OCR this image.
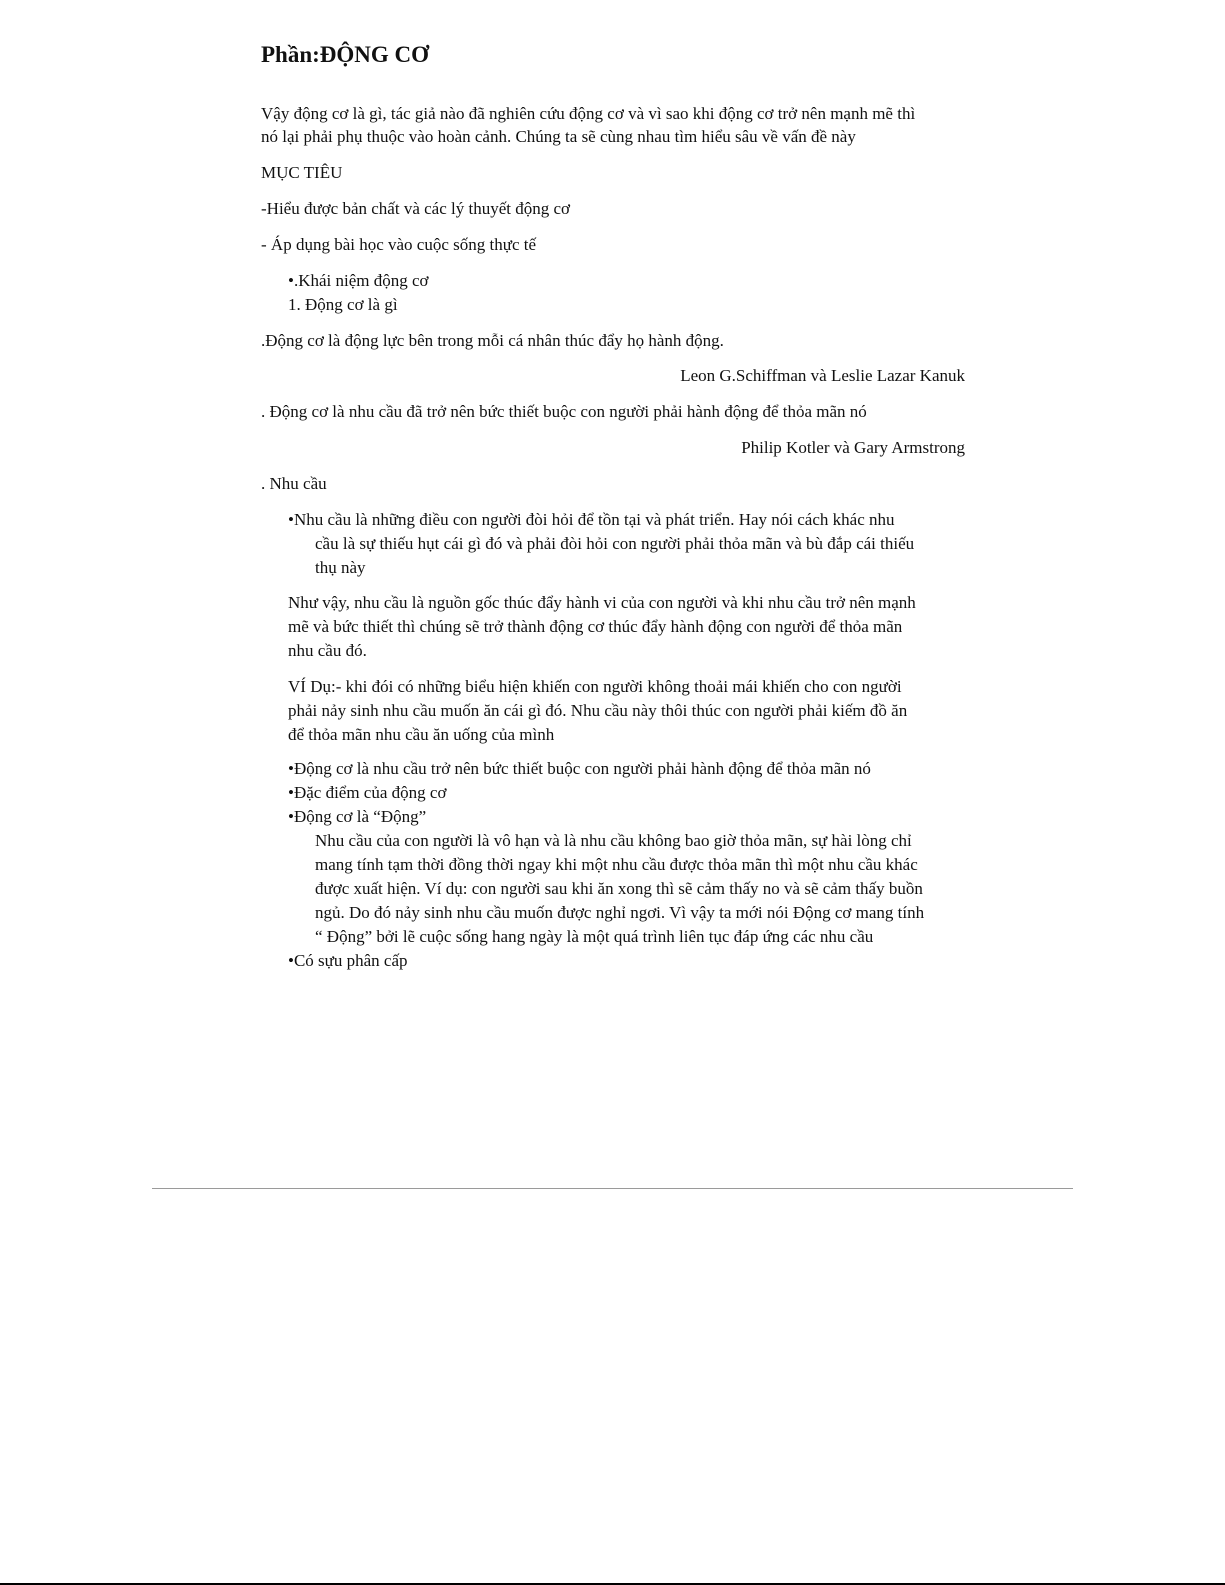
Phần:ĐỘNG CƠ

Vậy động cơ là gì, tác giả nào đã nghiên cứu động cơ và vì sao khi động cơ trở nên mạnh mẽ thì

nó lại phải phụ thuộc vào hoàn cảnh. Chúng ta sẽ cùng nhau tìm hiểu sâu về vấn đề này

MỤC TIÊU

-Hiểu được bản chất và các lý thuyết động cơ

- Áp dụng bài học vào cuộc sống thực tế

•.Khái niệm động cơ

1. Động cơ là gì

.Động cơ là động lực bên trong mỗi cá nhân thúc đẩy họ hành động.

Leon G.Schiffman và Leslie Lazar Kanuk

. Động cơ là nhu cầu đã trở nên bức thiết buộc con người phải hành động để thỏa mãn nó

Philip Kotler và Gary Armstrong

. Nhu cầu

•Nhu cầu là những điều con người đòi hỏi để tồn tại và phát triển. Hay nói cách khác nhu

cầu là sự thiếu hụt cái gì đó và phải đòi hỏi con người phải thỏa mãn và bù đắp cái thiếu

thụ này

Như vậy, nhu cầu là nguồn gốc thúc đẩy hành vi của con người và khi nhu cầu trở nên mạnh

mẽ và bức thiết thì chúng sẽ trở thành động cơ thúc đẩy hành động con người để thỏa mãn

nhu cầu đó.

VÍ Dụ:- khi đói có những biểu hiện khiến con người không thoải mái khiến cho con người

phải nảy sinh nhu cầu muốn ăn cái gì đó. Nhu cầu này thôi thúc con người phải kiếm đồ ăn

để thỏa mãn nhu cầu ăn uống của mình

•Động cơ là nhu cầu trở nên bức thiết buộc con người phải hành động để thỏa mãn nó

•Đặc điểm của động cơ

•Động cơ là “Động”

Nhu cầu của con người là vô hạn và là nhu cầu không bao giờ thỏa mãn, sự hài lòng chỉ

mang tính tạm thời đồng thời ngay khi một nhu cầu được thỏa mãn thì một nhu cầu khác

được xuất hiện. Ví dụ: con người sau khi ăn xong thì sẽ cảm thấy no và sẽ cảm thấy buồn

ngủ. Do đó nảy sinh nhu cầu muốn được nghỉ ngơi. Vì vậy ta mới nói Động cơ mang tính

“ Động” bởi lẽ cuộc sống hang ngày là một quá trình liên tục đáp ứng các nhu cầu

•Có sựu phân cấp
